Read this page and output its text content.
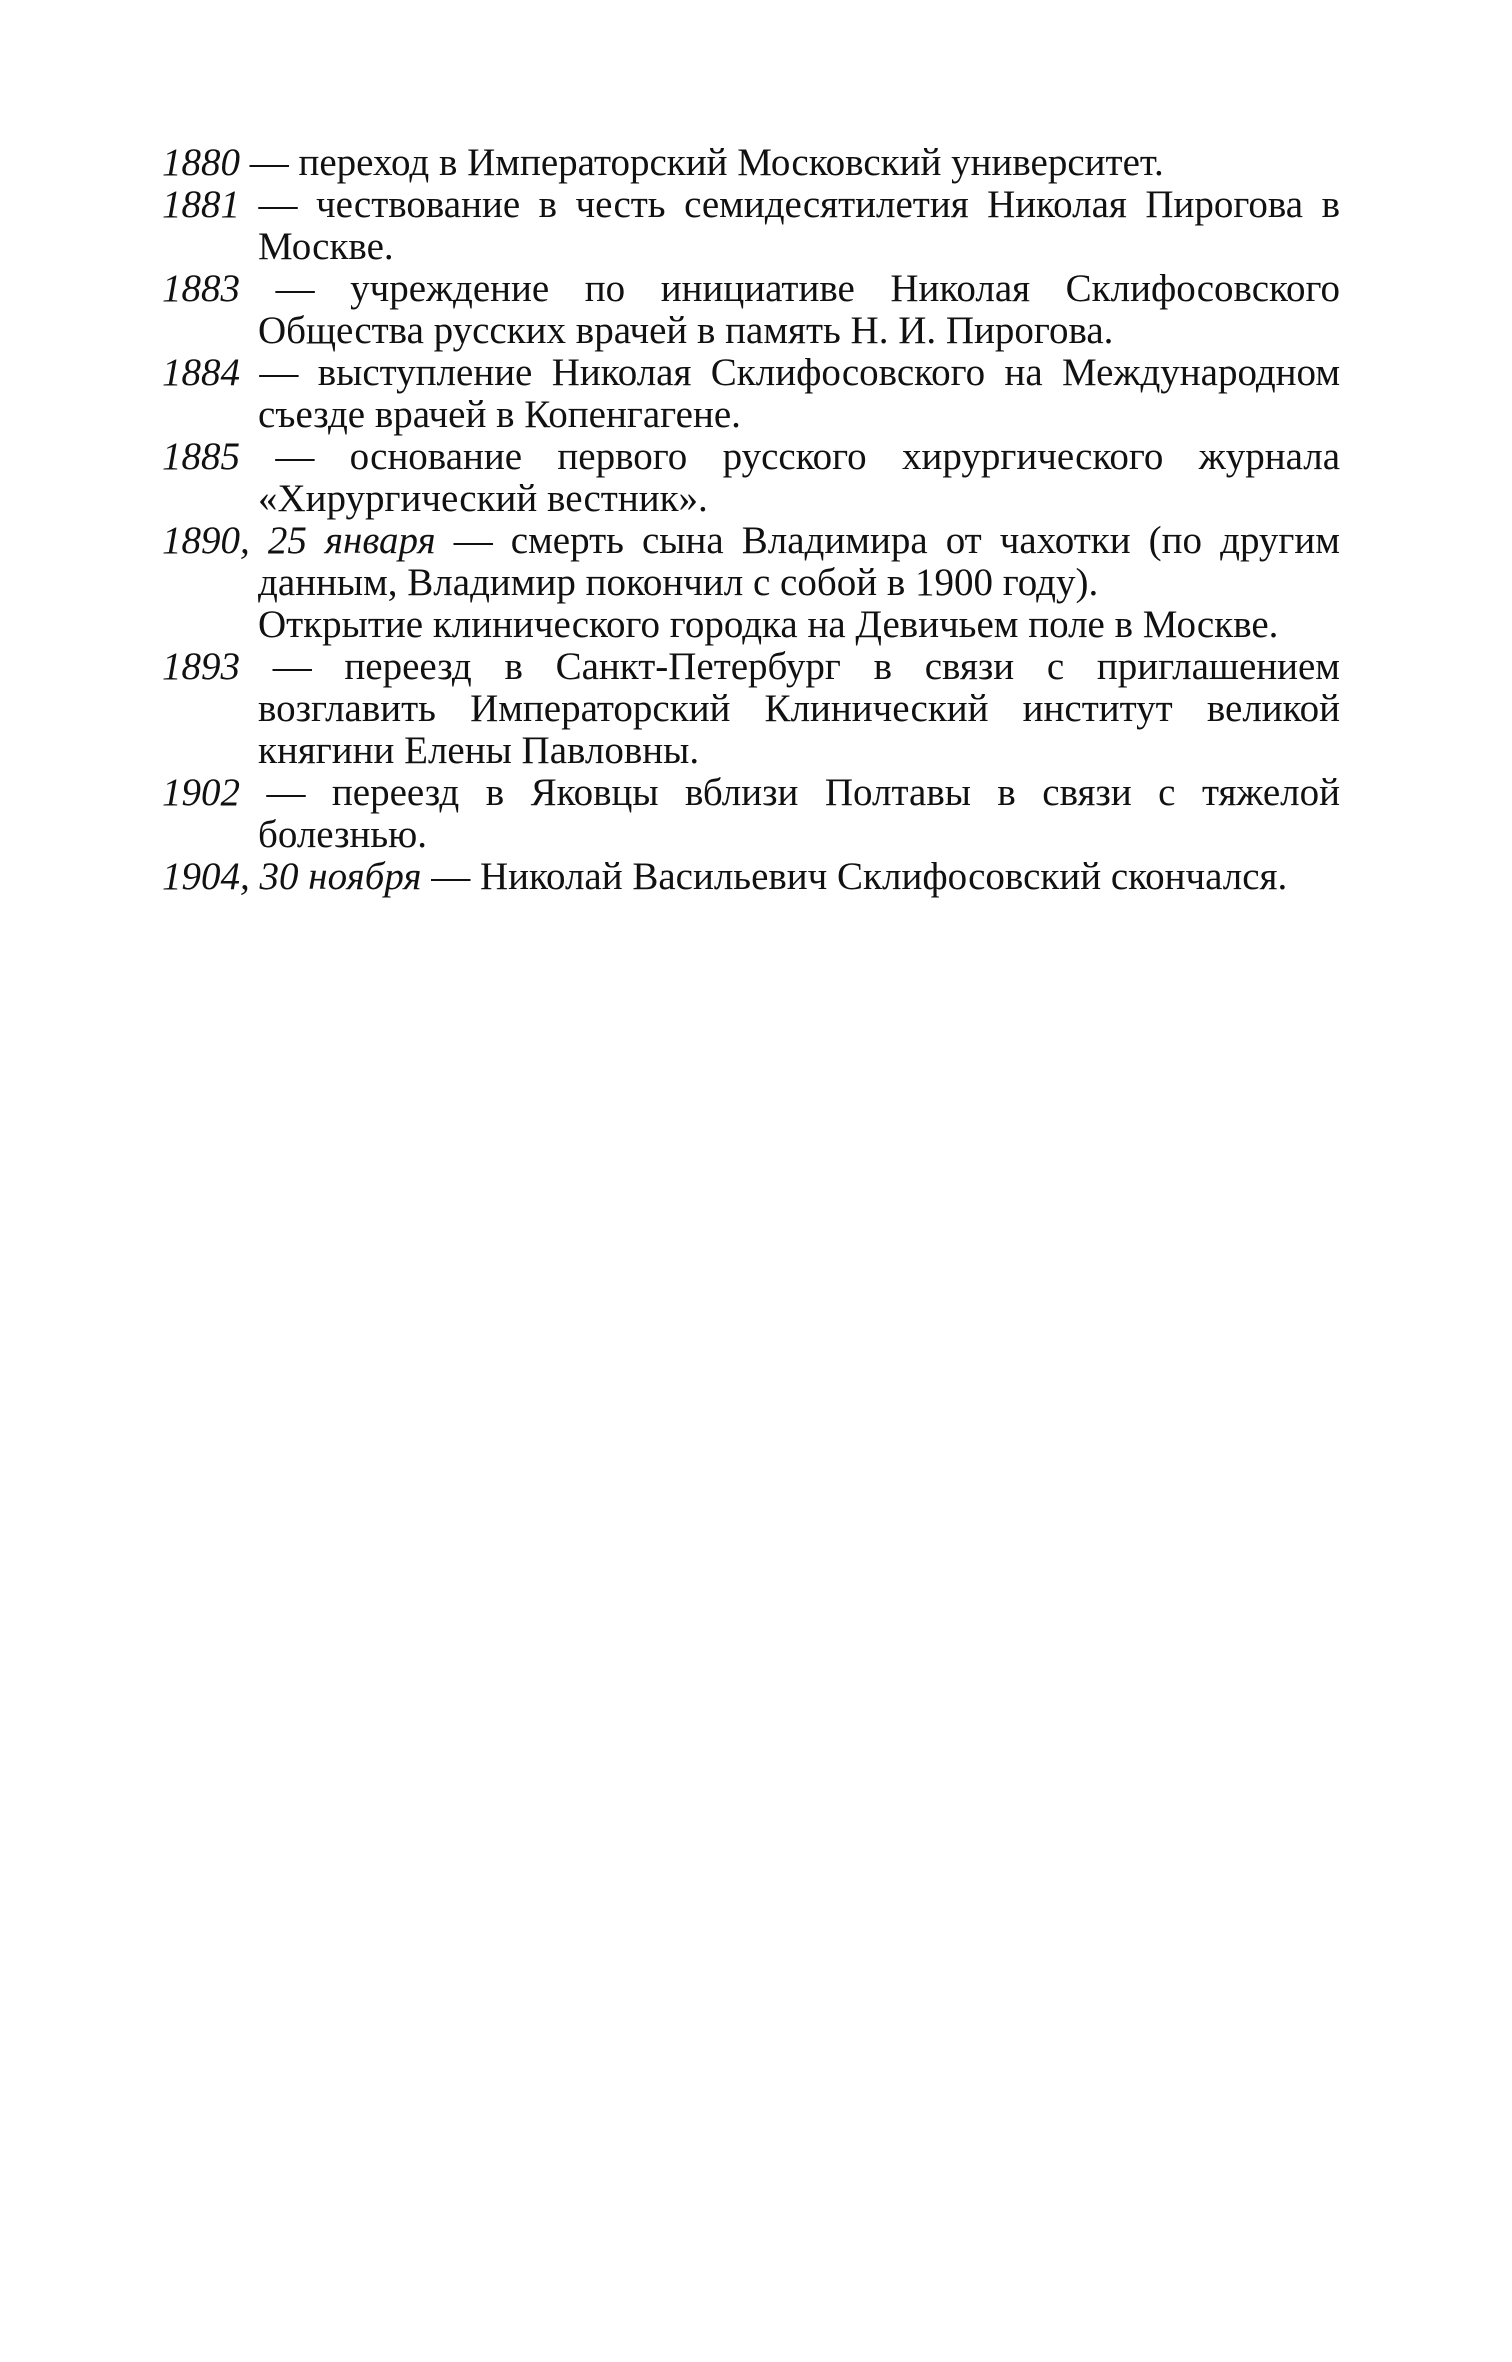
1880 — переход в Императорский Московский университет.

1881 — чествование в честь семидесятилетия Николая Пирогова в Москве.

1883 — учреждение по инициативе Николая Склифосовского Общества русских врачей в память Н. И. Пирогова.

1884 — выступление Николая Склифосовского на Международном съезде врачей в Копенгагене.

1885 — основание первого русского хирургического журнала «Хирургический вестник».

1890, 25 января — смерть сына Владимира от чахотки (по другим данным, Владимир покончил с собой в 1900 году).

Открытие клинического городка на Девичьем поле в Москве.

1893 — переезд в Санкт-Петербург в связи с приглашением возглавить Императорский Клинический институт великой княгини Елены Павловны.

1902 — переезд в Яковцы вблизи Полтавы в связи с тяжелой болезнью.

1904, 30 ноября — Николай Васильевич Склифосовский скончался.
